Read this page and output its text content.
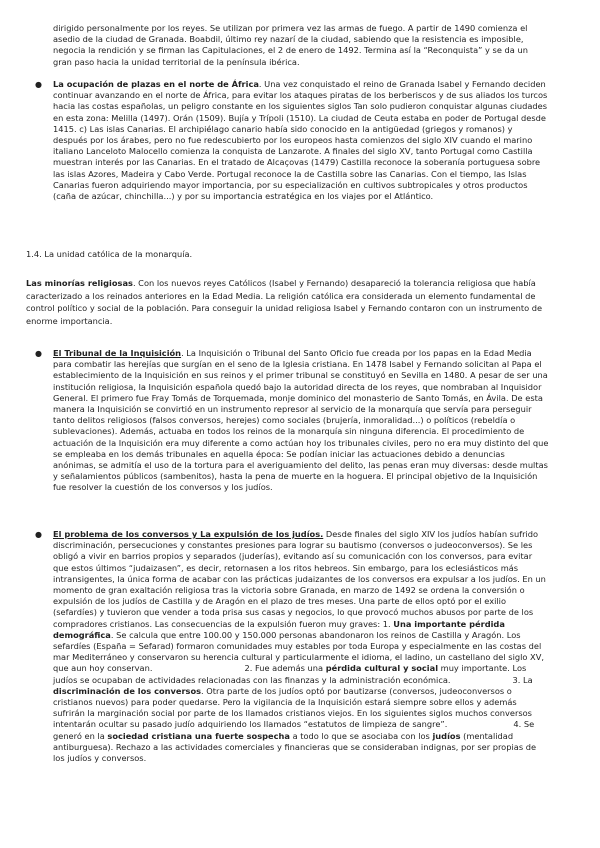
dirigido personalmente por los reyes. Se utilizan por primera vez las armas de fuego. A partir de 1490 comienza el asedio de la ciudad de Granada. Boabdil, último rey nazarí de la ciudad, sabiendo que la resistencia es imposible, negocia la rendición y se firman las Capitulaciones, el 2 de enero de 1492. Termina así la “Reconquista” y se da un gran paso hacia la unidad territorial de la península ibérica.

● La ocupación de plazas en el norte de África. Una vez conquistado el reino de Granada Isabel y Fernando deciden continuar avanzando en el norte de África, para evitar los ataques piratas de los berberiscos y de sus aliados los turcos hacia las costas españolas, un peligro constante en los siguientes siglos Tan solo pudieron conquistar algunas ciudades en esta zona: Melilla (1497). Orán (1509). Bujía y Trípoli (1510). La ciudad de Ceuta estaba en poder de Portugal desde 1415. c) Las islas Canarias. El archipiélago canario había sido conocido en la antigüedad (griegos y romanos) y después por los árabes, pero no fue redescubierto por los europeos hasta comienzos del siglo XIV cuando el marino italiano Lanceloto Malocello comienza la conquista de Lanzarote. A finales del siglo XV, tanto Portugal como Castilla muestran interés por las Canarias. En el tratado de Alcaçovas (1479) Castilla reconoce la soberanía portuguesa sobre las islas Azores, Madeira y Cabo Verde. Portugal reconoce la de Castilla sobre las Canarias. Con el tiempo, las Islas Canarias fueron adquiriendo mayor importancia, por su especialización en cultivos subtropicales y otros productos (caña de azúcar, chinchilla...) y por su importancia estratégica en los viajes por el Atlántico.

1.4. La unidad católica de la monarquía.

Las minorías religiosas. Con los nuevos reyes Católicos (Isabel y Fernando) desapareció la tolerancia religiosa que había caracterizado a los reinados anteriores en la Edad Media. La religión católica era considerada un elemento fundamental de control político y social de la población. Para conseguir la unidad religiosa Isabel y Fernando contaron con un instrumento de enorme importancia.

● El Tribunal de la Inquisición. La Inquisición o Tribunal del Santo Oficio fue creada por los papas en la Edad Media para combatir las herejías que surgían en el seno de la Iglesia cristiana. En 1478 Isabel y Fernando solicitan al Papa el establecimiento de la Inquisición en sus reinos y el primer tribunal se constituyó en Sevilla en 1480. A pesar de ser una institución religiosa, la Inquisición española quedó bajo la autoridad directa de los reyes, que nombraban al Inquisidor General. El primero fue Fray Tomás de Torquemada, monje dominico del monasterio de Santo Tomás, en Ávila. De esta manera la Inquisición se convirtió en un instrumento represor al servicio de la monarquía que servía para perseguir tanto delitos religiosos (falsos conversos, herejes) como sociales (brujería, inmoralidad...) o políticos (rebeldía o sublevaciones). Además, actuaba en todos los reinos de la monarquía sin ninguna diferencia. El procedimiento de actuación de la Inquisición era muy diferente a como actúan hoy los tribunales civiles, pero no era muy distinto del que se empleaba en los demás tribunales en aquella época: Se podían iniciar las actuaciones debido a denuncias anónimas, se admitía el uso de la tortura para el averiguamiento del delito, las penas eran muy diversas: desde multas y señalamientos públicos (sambenitos), hasta la pena de muerte en la hoguera. El principal objetivo de la Inquisición fue resolver la cuestión de los conversos y los judíos.
● El problema de los conversos y La expulsión de los judíos. Desde finales del siglo XIV los judíos habían sufrido discriminación, persecuciones y constantes presiones para lograr su bautismo (conversos o judeoconversos). Se les obligó a vivir en barrios propios y separados (juderías), evitando así su comunicación con los conversos, para evitar que estos últimos “judaizasen”, es decir, retornasen a los ritos hebreos. Sin embargo, para los eclesiásticos más intransigentes, la única forma de acabar con las prácticas judaizantes de los conversos era expulsar a los judíos. En un momento de gran exaltación religiosa tras la victoria sobre Granada, en marzo de 1492 se ordena la conversión o expulsión de los judíos de Castilla y de Aragón en el plazo de tres meses. Una parte de ellos optó por el exilio (sefardíes) y tuvieron que vender a toda prisa sus casas y negocios, lo que provocó muchos abusos por parte de los compradores cristianos. Las consecuencias de la expulsión fueron muy graves: 1. Una importante pérdida demográfica. Se calcula que entre 100.00 y 150.000 personas abandonaron los reinos de Castilla y Aragón. Los sefardíes (España = Sefarad) formaron comunidades muy estables por toda Europa y especialmente en las costas del mar Mediterráneo y conservaron su herencia cultural y particularmente el idioma, el ladino, un castellano del siglo XV, que aun hoy conservan.	2. Fue además una pérdida cultural y social muy importante. Los judíos se ocupaban de actividades relacionadas con las finanzas y la administración económica.	3. La discriminación de los conversos. Otra parte de los judíos optó por bautizarse (conversos, judeoconversos o cristianos nuevos) para poder quedarse. Pero la vigilancia de la Inquisición estará siempre sobre ellos y además sufrirán la marginación social por parte de los llamados cristianos viejos. En los siguientes siglos muchos conversos intentarán ocultar su pasado judío adquiriendo los llamados “estatutos de limpieza de sangre”.	4. Se generó en la sociedad cristiana una fuerte sospecha a todo lo que se asociaba con los judíos (mentalidad antiburguesa). Rechazo a las actividades comerciales y financieras que se consideraban indignas, por ser propias de los judíos y conversos.
